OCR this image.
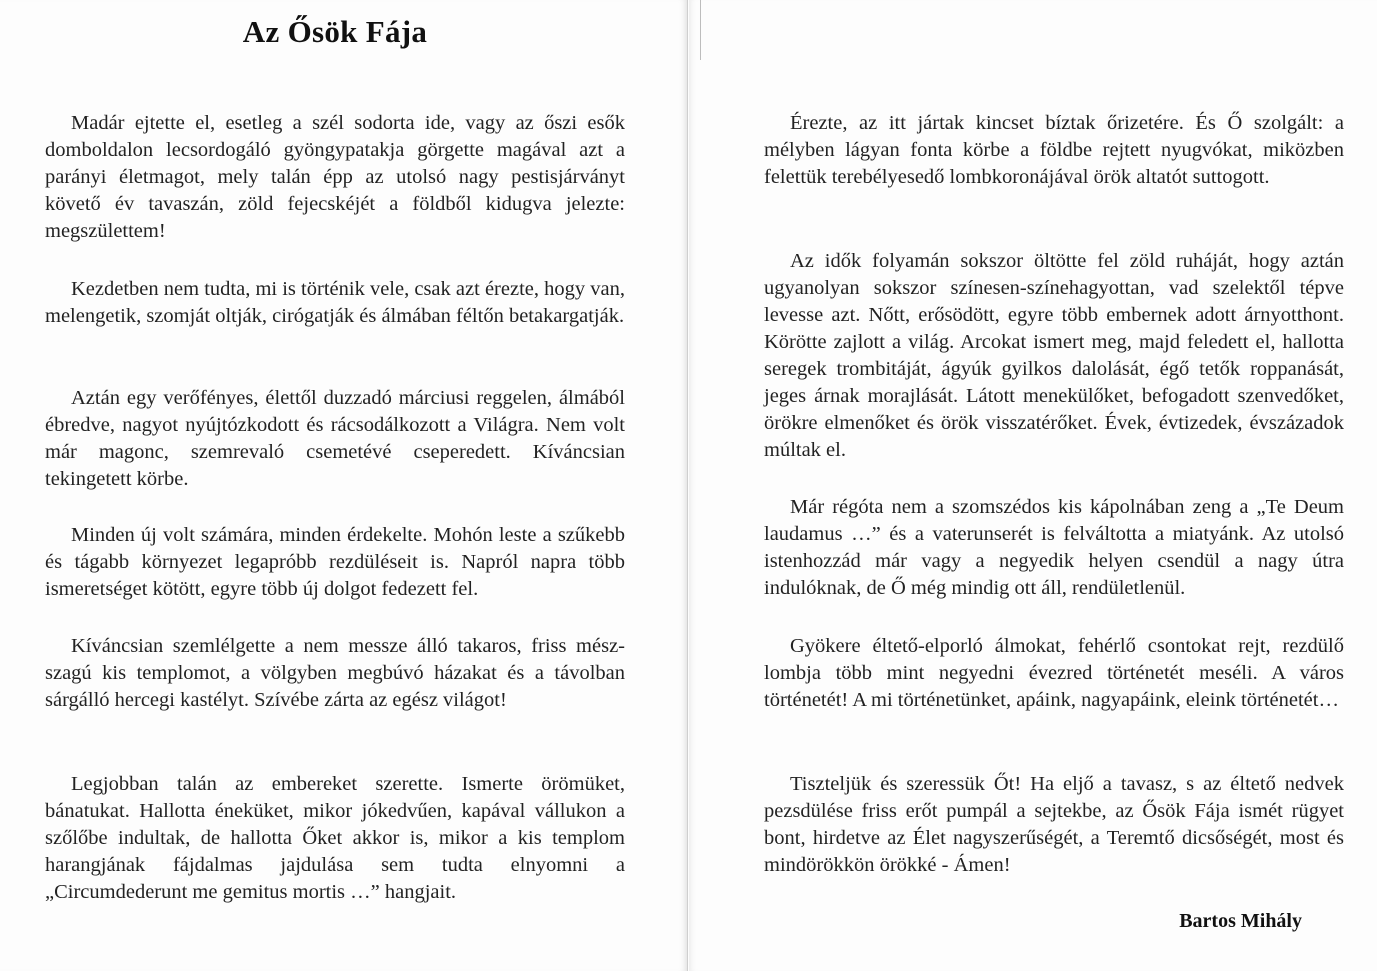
Az Ősök Fája

Madár ejtette el, esetleg a szél sodorta ide, vagy az őszi esők domboldalon lecsordogáló gyöngypatakja görgette magával azt a parányi életmagot, mely talán épp az utolsó nagy pestisjárványt követő év tavaszán, zöld fejecskéjét a földből kidugva jelezte: megszülettem!

Kezdetben nem tudta, mi is történik vele, csak azt érezte, hogy van, melengetik, szomját oltják, cirógatják és álmában féltőn betakargatják.

Aztán egy verőfényes, élettől duzzadó márciusi reggelen, álmából ébredve, nagyot nyújtózkodott és rácsodálkozott a Világra. Nem volt már magonc, szemrevaló csemetévé cseperedett. Kíváncsian tekingetett körbe.

Minden új volt számára, minden érdekelte. Mohón leste a szűkebb és tágabb környezet legapróbb rezdüléseit is. Napról napra több ismeretséget kötött, egyre több új dolgot fedezett fel.

Kíváncsian szemlélgette a nem messze álló takaros, friss mész-szagú kis templomot, a völgyben megbúvó házakat és a távolban sárgálló hercegi kastélyt. Szívébe zárta az egész világot!

Legjobban talán az embereket szerette. Ismerte örömüket, bánatukat. Hallotta éneküket, mikor jókedvűen, kapával vállukon a szőlőbe indultak, de hallotta Őket akkor is, mikor a kis templom harangjának fájdalmas jajdulása sem tudta elnyomni a „Circumdederunt me gemitus mortis …” hangjait.

Érezte, az itt jártak kincset bíztak őrizetére. És Ő szolgált: a mélyben lágyan fonta körbe a földbe rejtett nyugvókat, miközben felettük terebélyesedő lombkoronájával örök altatót suttogott.

Az idők folyamán sokszor öltötte fel zöld ruháját, hogy aztán ugyanolyan sokszor színesen-színehagyottan, vad szelektől tépve levesse azt. Nőtt, erősödött, egyre több embernek adott árnyotthont. Körötte zajlott a világ. Arcokat ismert meg, majd feledett el, hallotta seregek trombitáját, ágyúk gyilkos dalolását, égő tetők roppanását, jeges árnak morajlását. Látott menekülőket, befogadott szenvedőket, örökre elmenőket és örök visszatérőket. Évek, évtizedek, évszázadok múltak el.

Már régóta nem a szomszédos kis kápolnában zeng a „Te Deum laudamus …” és a vaterunserét is felváltotta a miatyánk. Az utolsó istenhozzád már vagy a negyedik helyen csendül a nagy útra indulóknak, de Ő még mindig ott áll, rendületlenül.

Gyökere éltető-elporló álmokat, fehérlő csontokat rejt, rezdülő lombja több mint negyedni évezred történetét meséli. A város történetét! A mi történetünket, apáink, nagyapáink, eleink történetét…

Tiszteljük és szeressük Őt! Ha eljő a tavasz, s az éltető nedvek pezsdülése friss erőt pumpál a sejtekbe, az Ősök Fája ismét rügyet bont, hirdetve az Élet nagyszerűségét, a Teremtő dicsőségét, most és mindörökkön örökké - Ámen!

Bartos Mihály
